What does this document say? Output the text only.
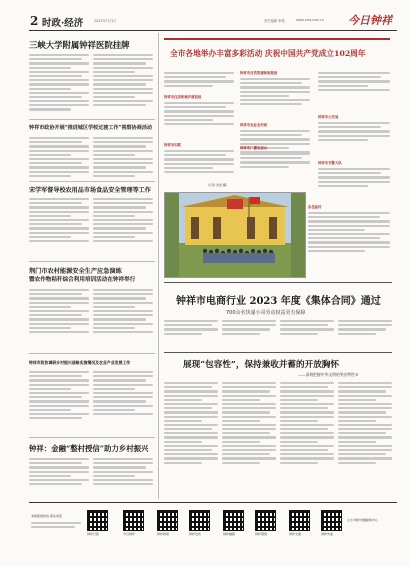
2 时政·经济	2023年7月1日	责任编辑 审校	www.zxw.com.cn 今日钟祥
三峡大学附属钟祥医院挂牌
钟祥市政协开展“推进城区学校过渡工作”视察协商活动
宋学军督导校农用品市场食品安全管理等工作
荆门市农村能源安全生产应急演练
暨农作物秸秆综合利用培训活动在钟祥举行
钟祥市政协调研乡村振兴战略实施情况及农业产业发展工作
钟祥：金融“整村授信”助力乡村振兴
全市各地举办丰富多彩活动 庆祝中国共产党成立102周年
钟祥市住房和城乡建设局
钟祥市妇联
钟祥市自然资源和规划局
钟祥市农业农村局
钟祥市公安局
钟祥市交警大队
钟祥市广播电视台
（记者 余浩 摄）
东岳庙村
钟祥市电商行业 2023 年度《集体合同》通过
700余名快递小哥劳动权益更有保障
展现“包容性”，保持兼收并蓄的开放胸怀
——深刻把握中华文明的突出特性⑤
本版新闻热线 联系电话
钟祥日报	今日钟祥	钟祥新闻	钟祥发布	钟祥融媒	钟祥观察	钟祥文旅	钟祥市委
主办 钟祥市融媒体中心
